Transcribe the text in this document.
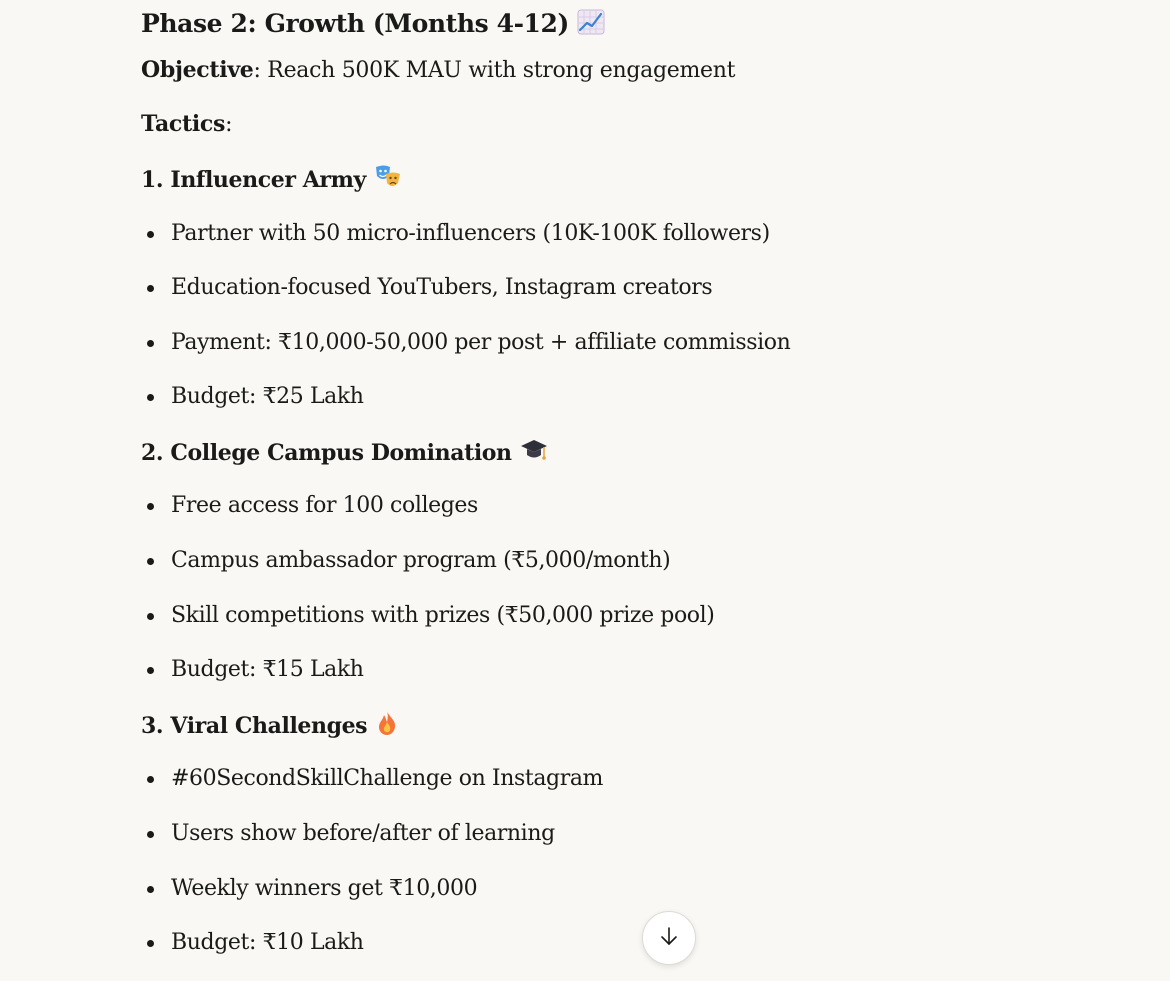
Phase 2: Growth (Months 4-12)

Objective: Reach 500K MAU with strong engagement

Tactics:

1. Influencer Army

Partner with 50 micro-influencers (10K-100K followers)

Education-focused YouTubers, Instagram creators

Payment: ₹10,000-50,000 per post + affiliate commission

Budget: ₹25 Lakh

2. College Campus Domination

Free access for 100 colleges

Campus ambassador program (₹5,000/month)

Skill competitions with prizes (₹50,000 prize pool)

Budget: ₹15 Lakh

3. Viral Challenges

#60SecondSkillChallenge on Instagram

Users show before/after of learning

Weekly winners get ₹10,000

Budget: ₹10 Lakh
